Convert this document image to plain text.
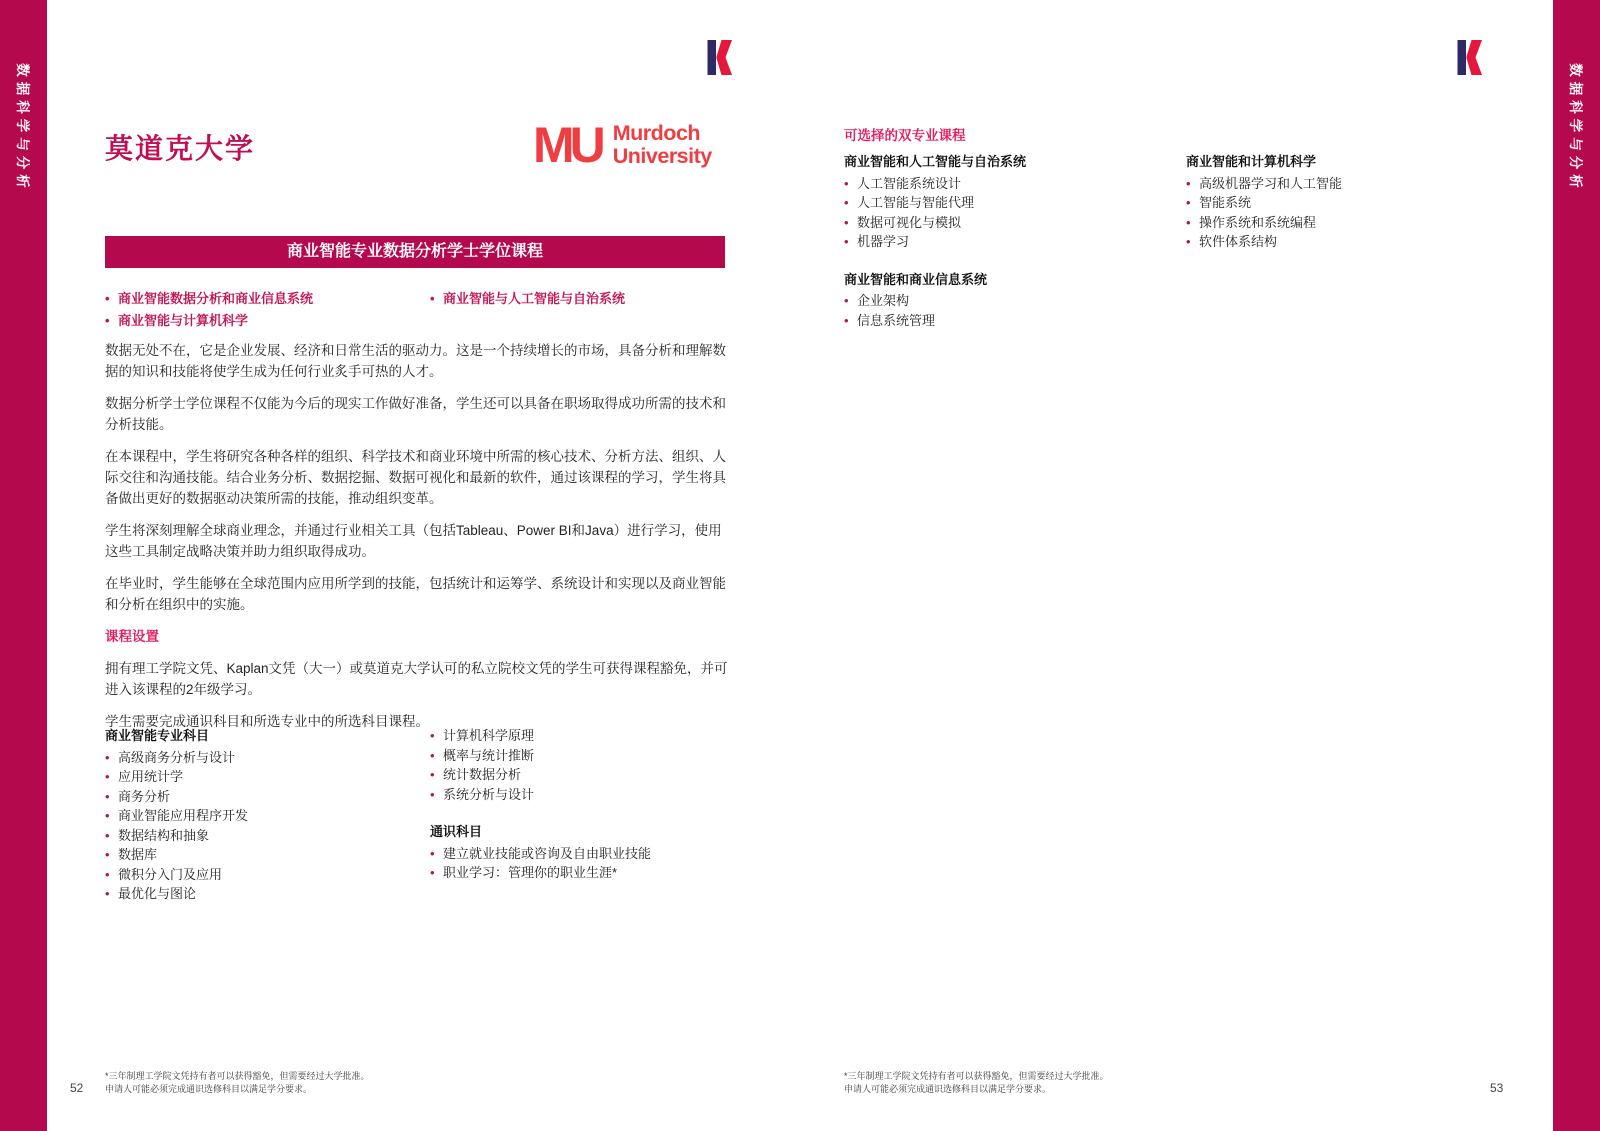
数据科学与分析	数据科学与分析
莫道克大学	MU Murdoch
University
商业智能专业数据分析学士学位课程
• 商业智能数据分析和商业信息系统
• 商业智能与计算机科学
• 商业智能与人工智能与自治系统

数据无处不在，它是企业发展、经济和日常生活的驱动力。这是一个持续增长的市场，具备分析和理解数据的知识和技能将使学生成为任何行业炙手可热的人才。

数据分析学士学位课程不仅能为今后的现实工作做好准备，学生还可以具备在职场取得成功所需的技术和分析技能。

在本课程中，学生将研究各种各样的组织、科学技术和商业环境中所需的核心技术、分析方法、组织、人际交往和沟通技能。结合业务分析、数据挖掘、数据可视化和最新的软件，通过该课程的学习，学生将具备做出更好的数据驱动决策所需的技能，推动组织变革。

学生将深刻理解全球商业理念，并通过行业相关工具（包括Tableau、Power BI和Java）进行学习，使用这些工具制定战略决策并助力组织取得成功。

在毕业时，学生能够在全球范围内应用所学到的技能，包括统计和运筹学、系统设计和实现以及商业智能和分析在组织中的实施。

课程设置

拥有理工学院文凭、Kaplan文凭（大一）或莫道克大学认可的私立院校文凭的学生可获得课程豁免，并可进入该课程的2年级学习。

学生需要完成通识科目和所选专业中的所选科目课程。

商业智能专业科目
• 高级商务分析与设计
• 应用统计学
• 商务分析
• 商业智能应用程序开发
• 数据结构和抽象
• 数据库
• 微积分入门及应用
• 最优化与图论
• 计算机科学原理
• 概率与统计推断
• 统计数据分析
• 系统分析与设计
通识科目
• 建立就业技能或咨询及自由职业技能
• 职业学习：管理你的职业生涯*
可选择的双专业课程
商业智能和人工智能与自治系统
• 人工智能系统设计
• 人工智能与智能代理
• 数据可视化与模拟
• 机器学习
商业智能和商业信息系统
• 企业架构
• 信息系统管理
商业智能和计算机科学
• 高级机器学习和人工智能
• 智能系统
• 操作系统和系统编程
• 软件体系结构
*三年制理工学院文凭持有者可以获得豁免，但需要经过大学批准。
申请人可能必须完成通识选修科目以满足学分要求。
*三年制理工学院文凭持有者可以获得豁免，但需要经过大学批准。
申请人可能必须完成通识选修科目以满足学分要求。
52	53
